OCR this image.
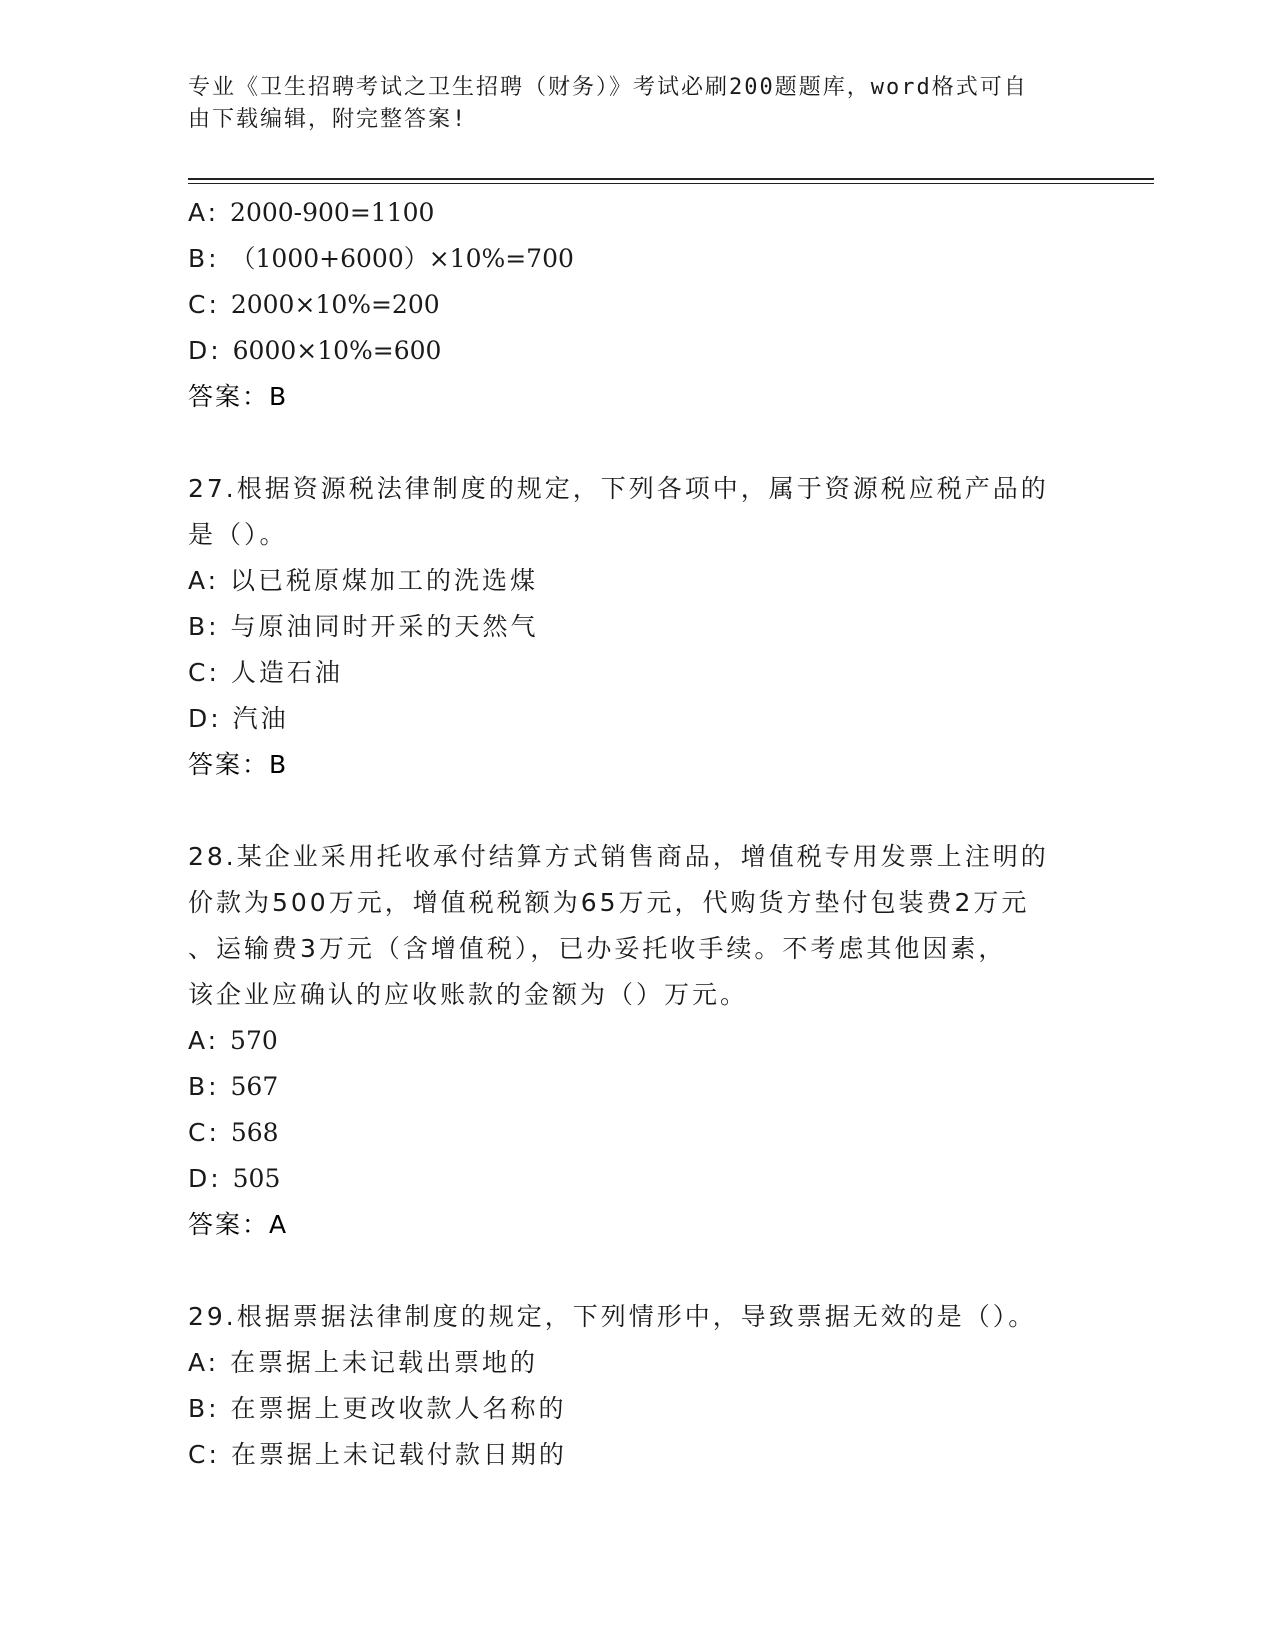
专业《卫生招聘考试之卫生招聘（财务）》考试必刷200题题库，word格式可自
由下载编辑，附完整答案!
A: 2000-900=1100
B: （1000+6000）×10%=700
C: 2000×10%=200
D: 6000×10%=600
答案：B
27.根据资源税法律制度的规定，下列各项中，属于资源税应税产品的
是（）。
A: 以已税原煤加工的洗选煤
B: 与原油同时开采的天然气
C: 人造石油
D: 汽油
答案：B
28.某企业采用托收承付结算方式销售商品，增值税专用发票上注明的
价款为500万元，增值税税额为65万元，代购货方垫付包装费2万元
、运输费3万元（含增值税），已办妥托收手续。不考虑其他因素，
该企业应确认的应收账款的金额为（）万元。
A: 570
B: 567
C: 568
D: 505
答案：A
29.根据票据法律制度的规定，下列情形中，导致票据无效的是（）。
A: 在票据上未记载出票地的
B: 在票据上更改收款人名称的
C: 在票据上未记载付款日期的
